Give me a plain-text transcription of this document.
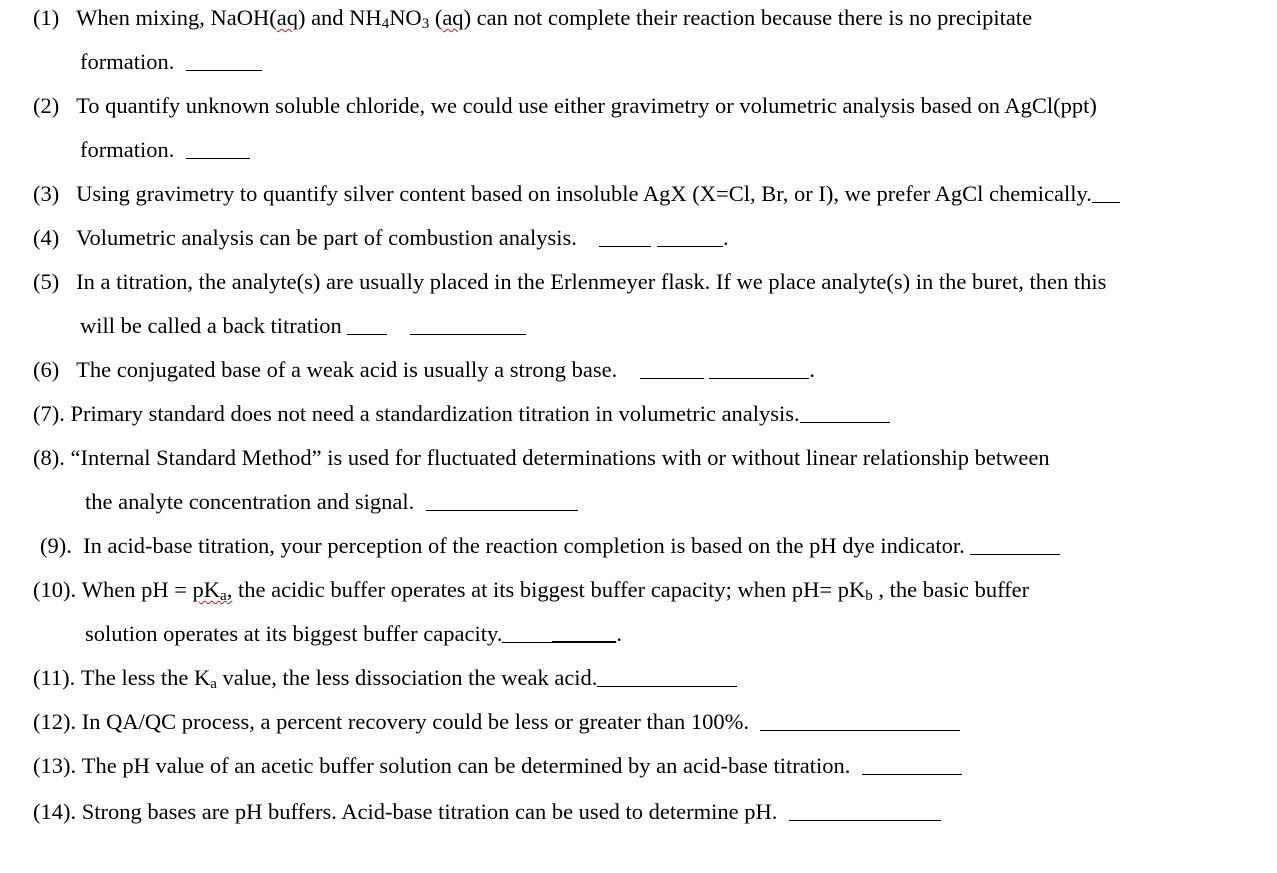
(1) When mixing, NaOH(aq) and $NH_4NO_3$ (aq) can not complete their reaction because there is no precipitate
formation.
(2) To quantify unknown soluble chloride, we could use either gravimetry or volumetric analysis based on AgCl(ppt)
formation.
(3) Using gravimetry to quantify silver content based on insoluble AgX (X=Cl, Br, or I), we prefer AgCl chemically.
(4) Volumetric analysis can be part of combustion analysis.	.
(5) In a titration, the analyte(s) are usually placed in the Erlenmeyer flask. If we place analyte(s) in the buret, then this
will be called a back titration
(6) The conjugated base of a weak acid is usually a strong base.	.
(7). Primary standard does not need a standardization titration in volumetric analysis.
(8). “Internal Standard Method” is used for fluctuated determinations with or without linear relationship between
the analyte concentration and signal.
(9). In acid-base titration, your perception of the reaction completion is based on the pH dye indicator.
(10). When pH = $pK_a$, the acidic buffer operates at its biggest buffer capacity; when $pH= pK_b$ , the basic buffer
solution operates at its biggest buffer capacity.	.
(11). The less the $K_a$ value, the less dissociation the weak acid.
(12). In QA/QC process, a percent recovery could be less or greater than 100%.
(13). The pH value of an acetic buffer solution can be determined by an acid-base titration.
(14). Strong bases are pH buffers. Acid-base titration can be used to determine pH.
